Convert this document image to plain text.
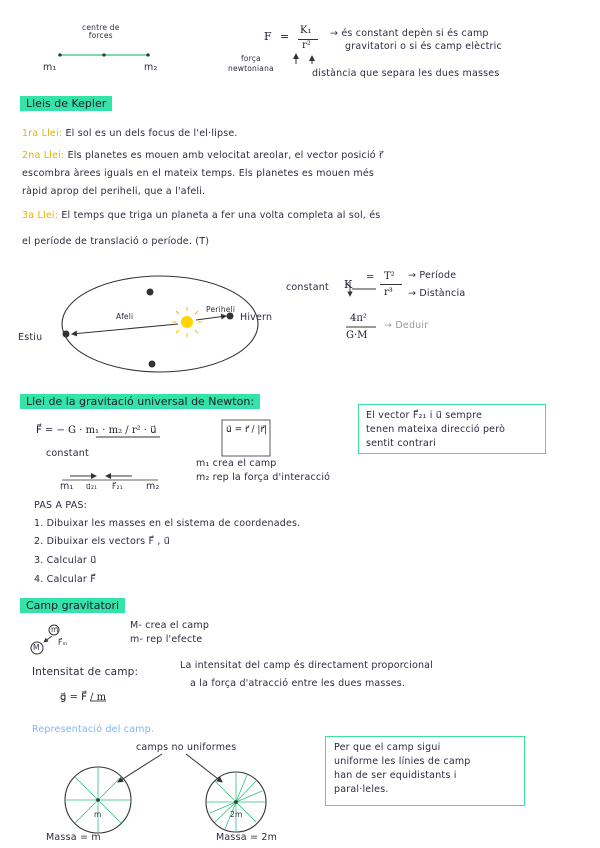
centre de
forces
m₁	m₂
F = K₁
r²
→ és constant depèn si és camp
gravitatori o si és camp elèctric
força
newtoniana	distància que separa les dues masses
Lleis de Kepler
1ra Llei: El sol es un dels focus de l'el·lipse.
2na Llei: Els planetes es mouen amb velocitat areolar, el vector posició r⃗
escombra àrees iguals en el mateix temps. Els planetes es mouen més
ràpid aprop del periheli, que a l'afeli.
3a Llei: El temps que triga un planeta a fer una volta completa al sol, és
el període de translació o període. (T)
Estiu
Afeli
Periheli
Hivern
constant K
= T²
r³
→ Període
→ Distància
4π²
G·M
→ Deduir
Llei de la gravitació universal de Newton:
F⃗ = − G · m₁ · m₂ / r² · u⃗	u⃗ = r⃗ / |r⃗|
constant
El vector F⃗₂₁ i u⃗ sempre
tenen mateixa direcció però
sentit contrari
m₁ u⃗₂₁ F⃗₂₁ m₂
m₁ crea el camp
m₂ rep la força d'interacció
PAS A PAS:
1. Dibuixar les masses en el sistema de coordenades.
2. Dibuixar els vectors F⃗ , u⃗
3. Calcular u⃗
4. Calcular F⃗
Camp gravitatori
M
m
F⃗ₘ
M- crea el camp
m- rep l'efecte
Intensitat de camp:
La intensitat del camp és directament proporcional
a la força d'atracció entre les dues masses.
g⃗ = F⃗ / m
Representació del camp.
camps no uniformes
m	2m
Massa = m	Massa = 2m
Per que el camp sigui
uniforme les línies de camp
han de ser equidistants i
paral·leles.
